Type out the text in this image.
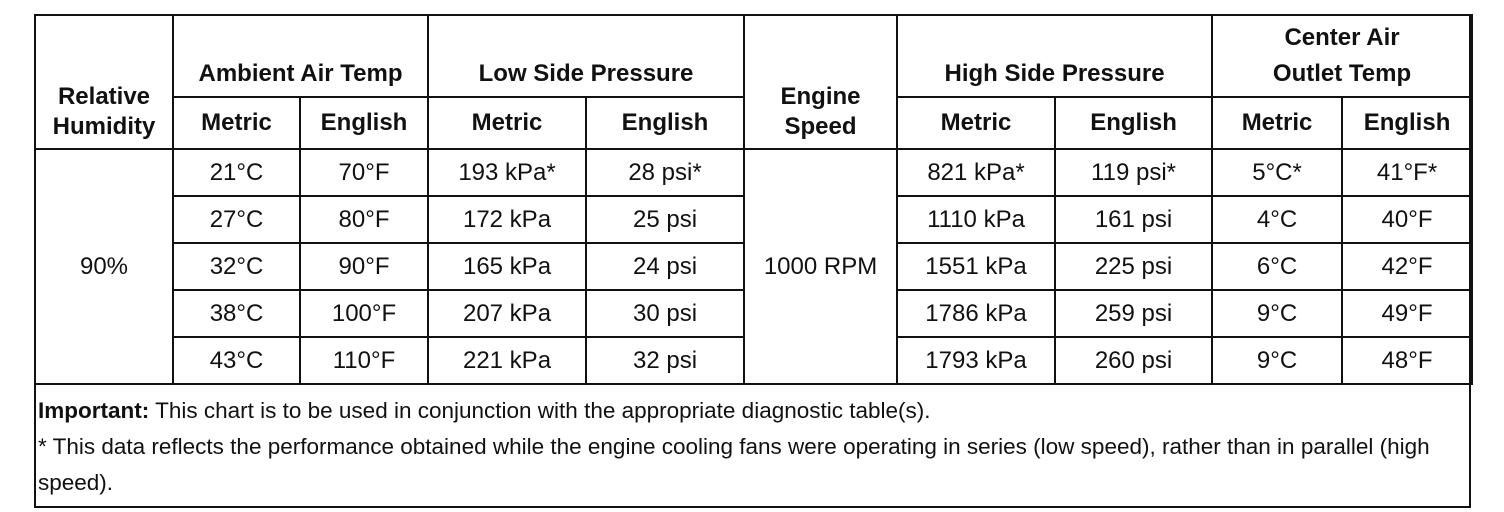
Relative Humidity	Ambient Air Temp		Low Side Pressure		Engine Speed	High Side Pressure		Center Air Outlet Temp	
	Metric	English	Metric	English		Metric	English	Metric	English
90%	21°C	70°F	193 kPa*	28 psi*	1000 RPM	821 kPa*	119 psi*	5°C*	41°F*
	27°C	80°F	172 kPa	25 psi		1110 kPa	161 psi	4°C	40°F
	32°C	90°F	165 kPa	24 psi		1551 kPa	225 psi	6°C	42°F
	38°C	100°F	207 kPa	30 psi		1786 kPa	259 psi	9°C	49°F
	43°C	110°F	221 kPa	32 psi		1793 kPa	260 psi	9°C	48°F

Important: This chart is to be used in conjunction with the appropriate diagnostic table(s).

* This data reflects the performance obtained while the engine cooling fans were operating in series (low speed), rather than in parallel (high speed).
